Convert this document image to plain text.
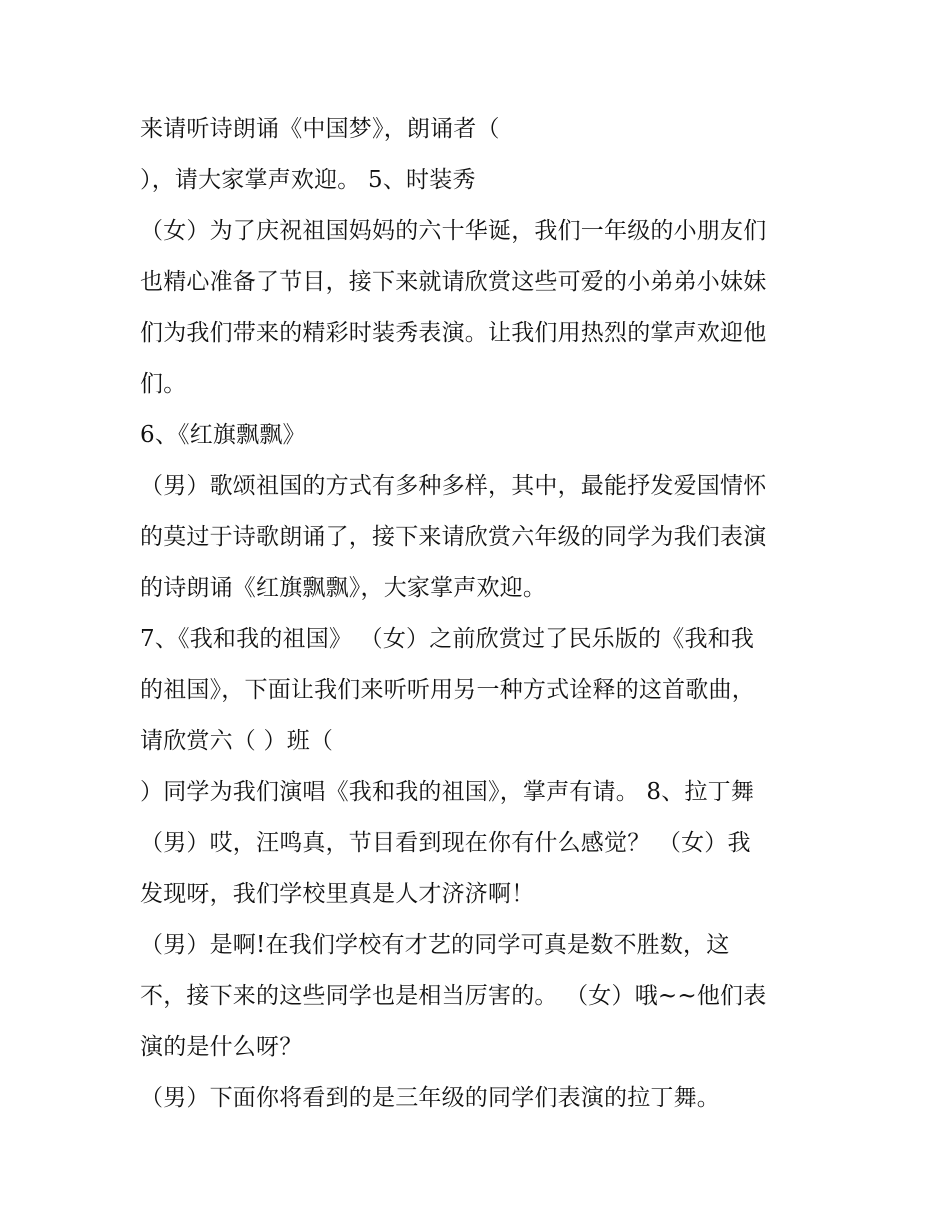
来请听诗朗诵《中国梦》，朗诵者（
），请大家掌声欢迎。 5、时装秀
（女）为了庆祝祖国妈妈的六十华诞，我们一年级的小朋友们
也精心准备了节目，接下来就请欣赏这些可爱的小弟弟小妹妹
们为我们带来的精彩时装秀表演。让我们用热烈的掌声欢迎他
们。
6、《红旗飘飘》
（男）歌颂祖国的方式有多种多样，其中，最能抒发爱国情怀
的莫过于诗歌朗诵了，接下来请欣赏六年级的同学为我们表演
的诗朗诵《红旗飘飘》，大家掌声欢迎。
7、《我和我的祖国》 （女）之前欣赏过了民乐版的《我和我
的祖国》，下面让我们来听听用另一种方式诠释的这首歌曲，
请欣赏六（ ）班（
）同学为我们演唱《我和我的祖国》，掌声有请。 8、拉丁舞
（男）哎，汪鸣真，节目看到现在你有什么感觉？ （女）我
发现呀，我们学校里真是人才济济啊！
（男）是啊!在我们学校有才艺的同学可真是数不胜数，这
不，接下来的这些同学也是相当厉害的。 （女）哦~~他们表
演的是什么呀？
（男）下面你将看到的是三年级的同学们表演的拉丁舞。
